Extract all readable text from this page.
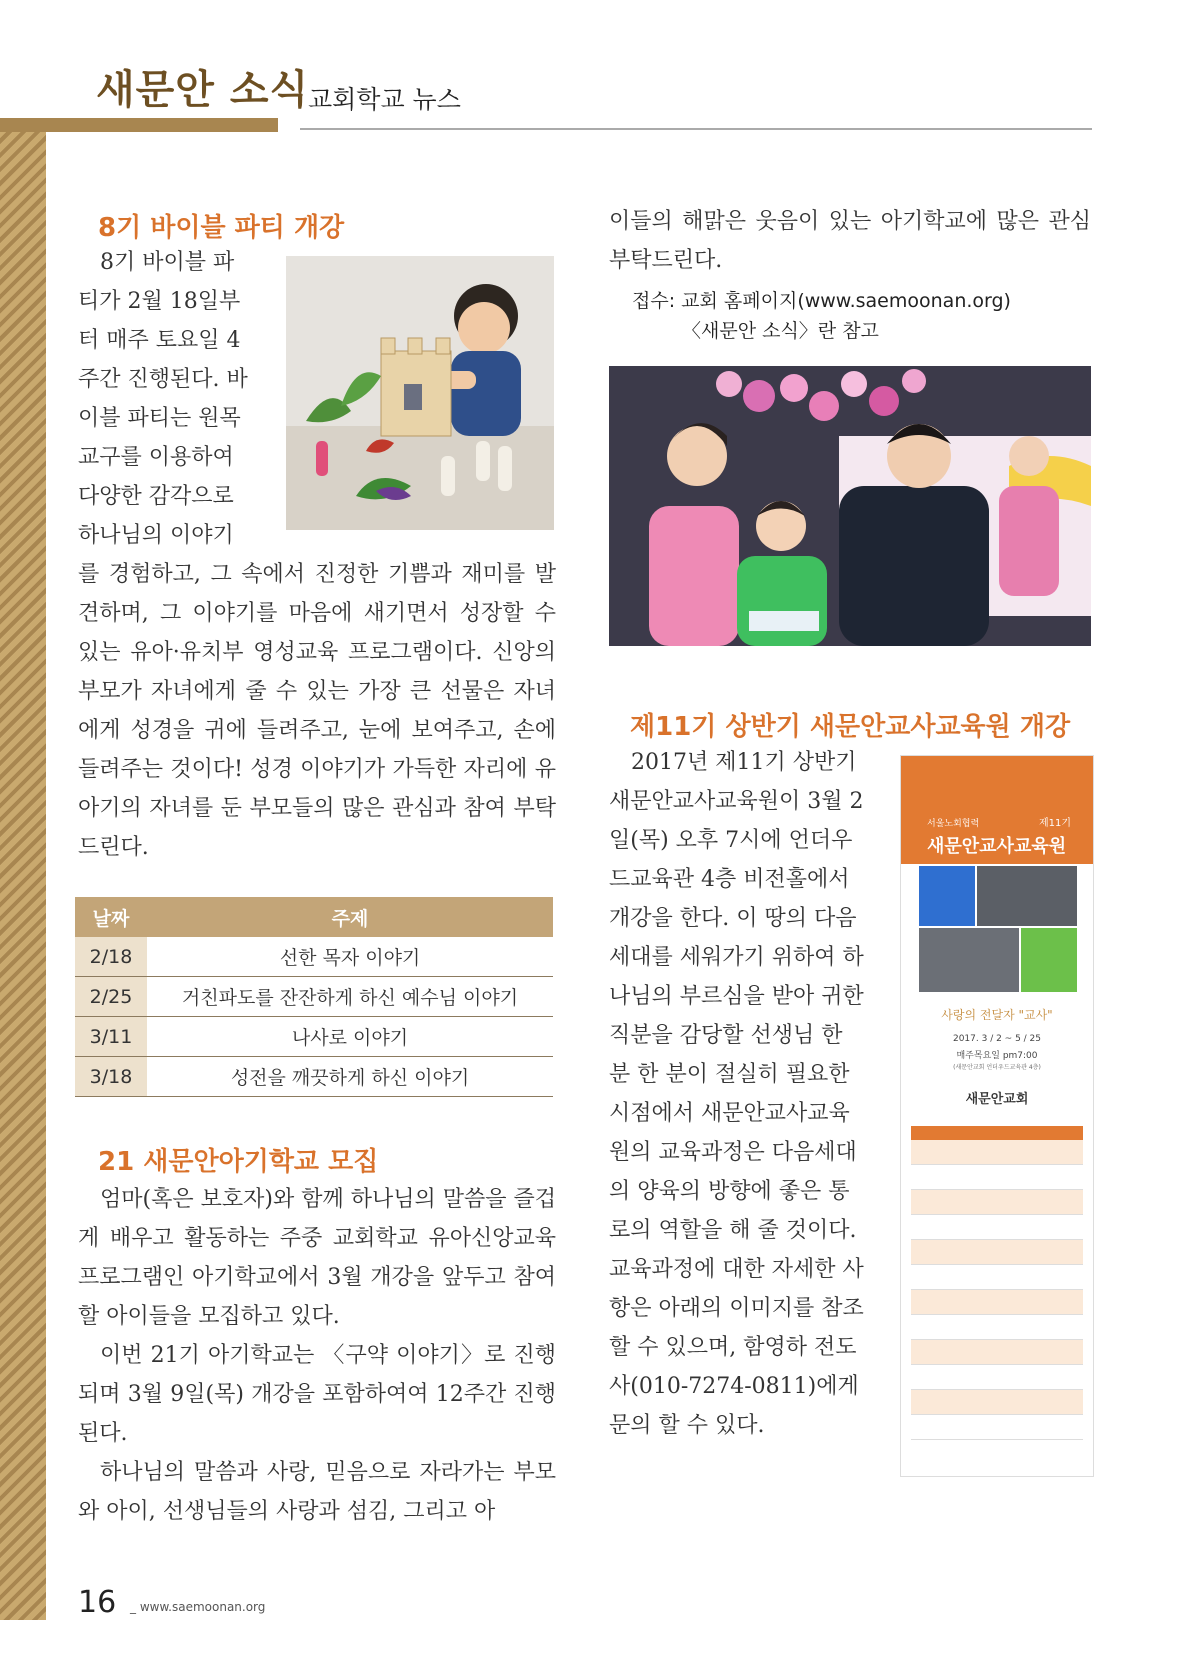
새문안 소식
교회학교 뉴스
8기 바이블 파티 개강
8기 바이블 파
티가 2월 18일부
터 매주 토요일 4
주간 진행된다. 바
이블 파티는 원목
교구를 이용하여
다양한 감각으로
하나님의 이야기
를 경험하고, 그 속에서 진정한 기쁨과 재미를 발견하며, 그 이야기를 마음에 새기면서 성장할 수 있는 유아·유치부 영성교육 프로그램이다. 신앙의 부모가 자녀에게 줄 수 있는 가장 큰 선물은 자녀에게 성경을 귀에 들려주고, 눈에 보여주고, 손에 들려주는 것이다! 성경 이야기가 가득한 자리에 유아기의 자녀를 둔 부모들의 많은 관심과 참여 부탁드린다.
날짜	주제
2/18	선한 목자 이야기
2/25	거친파도를 잔잔하게 하신 예수님 이야기
3/11	나사로 이야기
3/18	성전을 깨끗하게 하신 이야기
21 새문안아기학교 모집

엄마(혹은 보호자)와 함께 하나님의 말씀을 즐겁게 배우고 활동하는 주중 교회학교 유아신앙교육 프로그램인 아기학교에서 3월 개강을 앞두고 참여할 아이들을 모집하고 있다.

이번 21기 아기학교는 〈구약 이야기〉로 진행되며 3월 9일(목) 개강을 포함하여여 12주간 진행된다.

하나님의 말씀과 사랑, 믿음으로 자라가는 부모와 아이, 선생님들의 사랑과 섬김, 그리고 아

이들의 해맑은 웃음이 있는 아기학교에 많은 관심 부탁드린다.
접수: 교회 홈페이지(www.saemoonan.org)
〈새문안 소식〉란 참고
제11기 상반기 새문안교사교육원 개강
2017년 제11기 상반기
새문안교사교육원이 3월 2
일(목) 오후 7시에 언더우
드교육관 4층 비전홀에서
개강을 한다. 이 땅의 다음
세대를 세워가기 위하여 하
나님의 부르심을 받아 귀한
직분을 감당할 선생님 한
분 한 분이 절실히 필요한
시점에서 새문안교사교육
원의 교육과정은 다음세대
의 양육의 방향에 좋은 통
로의 역할을 해 줄 것이다.
교육과정에 대한 자세한 사
항은 아래의 이미지를 참조
할 수 있으며, 함영하 전도
사(010-7274-0811)에게
문의 할 수 있다.
서울노회협력	제11기
새문안교사교육원
사랑의 전달자 "교사"
2017. 3 / 2 ~ 5 / 25
매주목요일 pm7:00
(새문안교회 언더우드교육관 4층)
새문안교회
16 _ www.saemoonan.org
